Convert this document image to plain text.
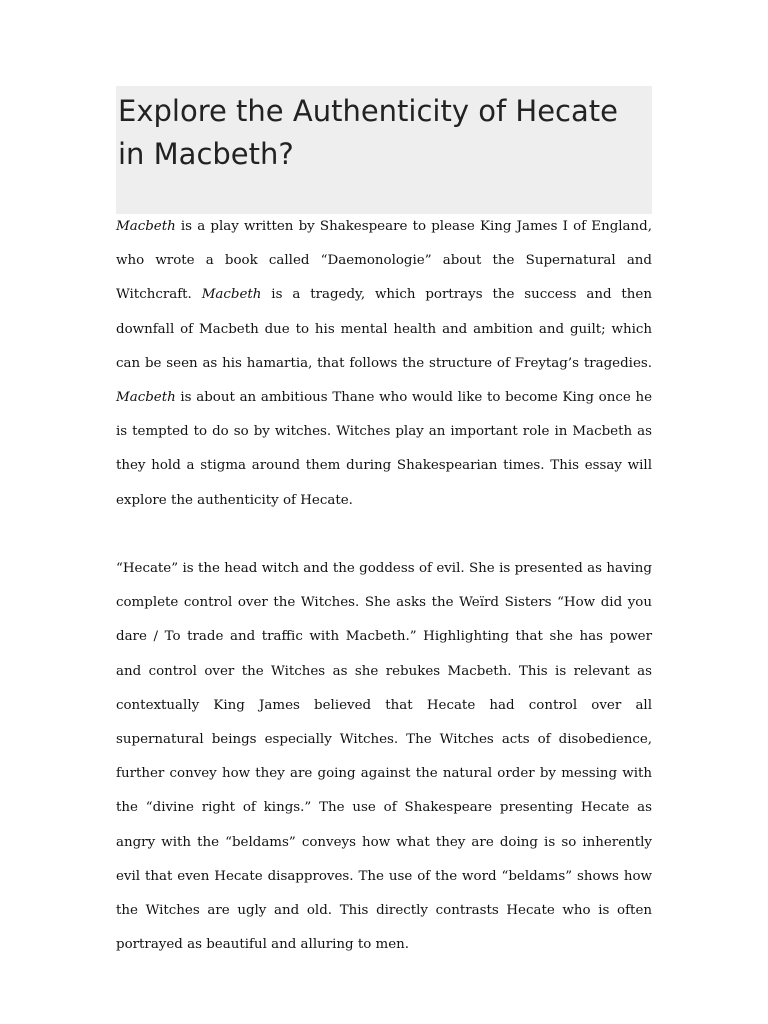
Explore the Authenticity of Hecate in Macbeth?

Macbeth is a play written by Shakespeare to please King James I of England, who wrote a book called “Daemonologie” about the Supernatural and Witchcraft. Macbeth is a tragedy, which portrays the success and then downfall of Macbeth due to his mental health and ambition and guilt; which can be seen as his hamartia, that follows the structure of Freytag’s tragedies. Macbeth is about an ambitious Thane who would like to become King once he is tempted to do so by witches. Witches play an important role in Macbeth as they hold a stigma around them during Shakespearian times. This essay will explore the authenticity of Hecate.

“Hecate” is the head witch and the goddess of evil. She is presented as having complete control over the Witches. She asks the Weïrd Sisters “How did you dare / To trade and traffic with Macbeth.” Highlighting that she has power and control over the Witches as she rebukes Macbeth. This is relevant as contextually King James believed that Hecate had control over all supernatural beings especially Witches. The Witches acts of disobedience, further convey how they are going against the natural order by messing with the “divine right of kings.” The use of Shakespeare presenting Hecate as angry with the “beldams” conveys how what they are doing is so inherently evil that even Hecate disapproves. The use of the word “beldams” shows how the Witches are ugly and old. This directly contrasts Hecate who is often portrayed as beautiful and alluring to men.
